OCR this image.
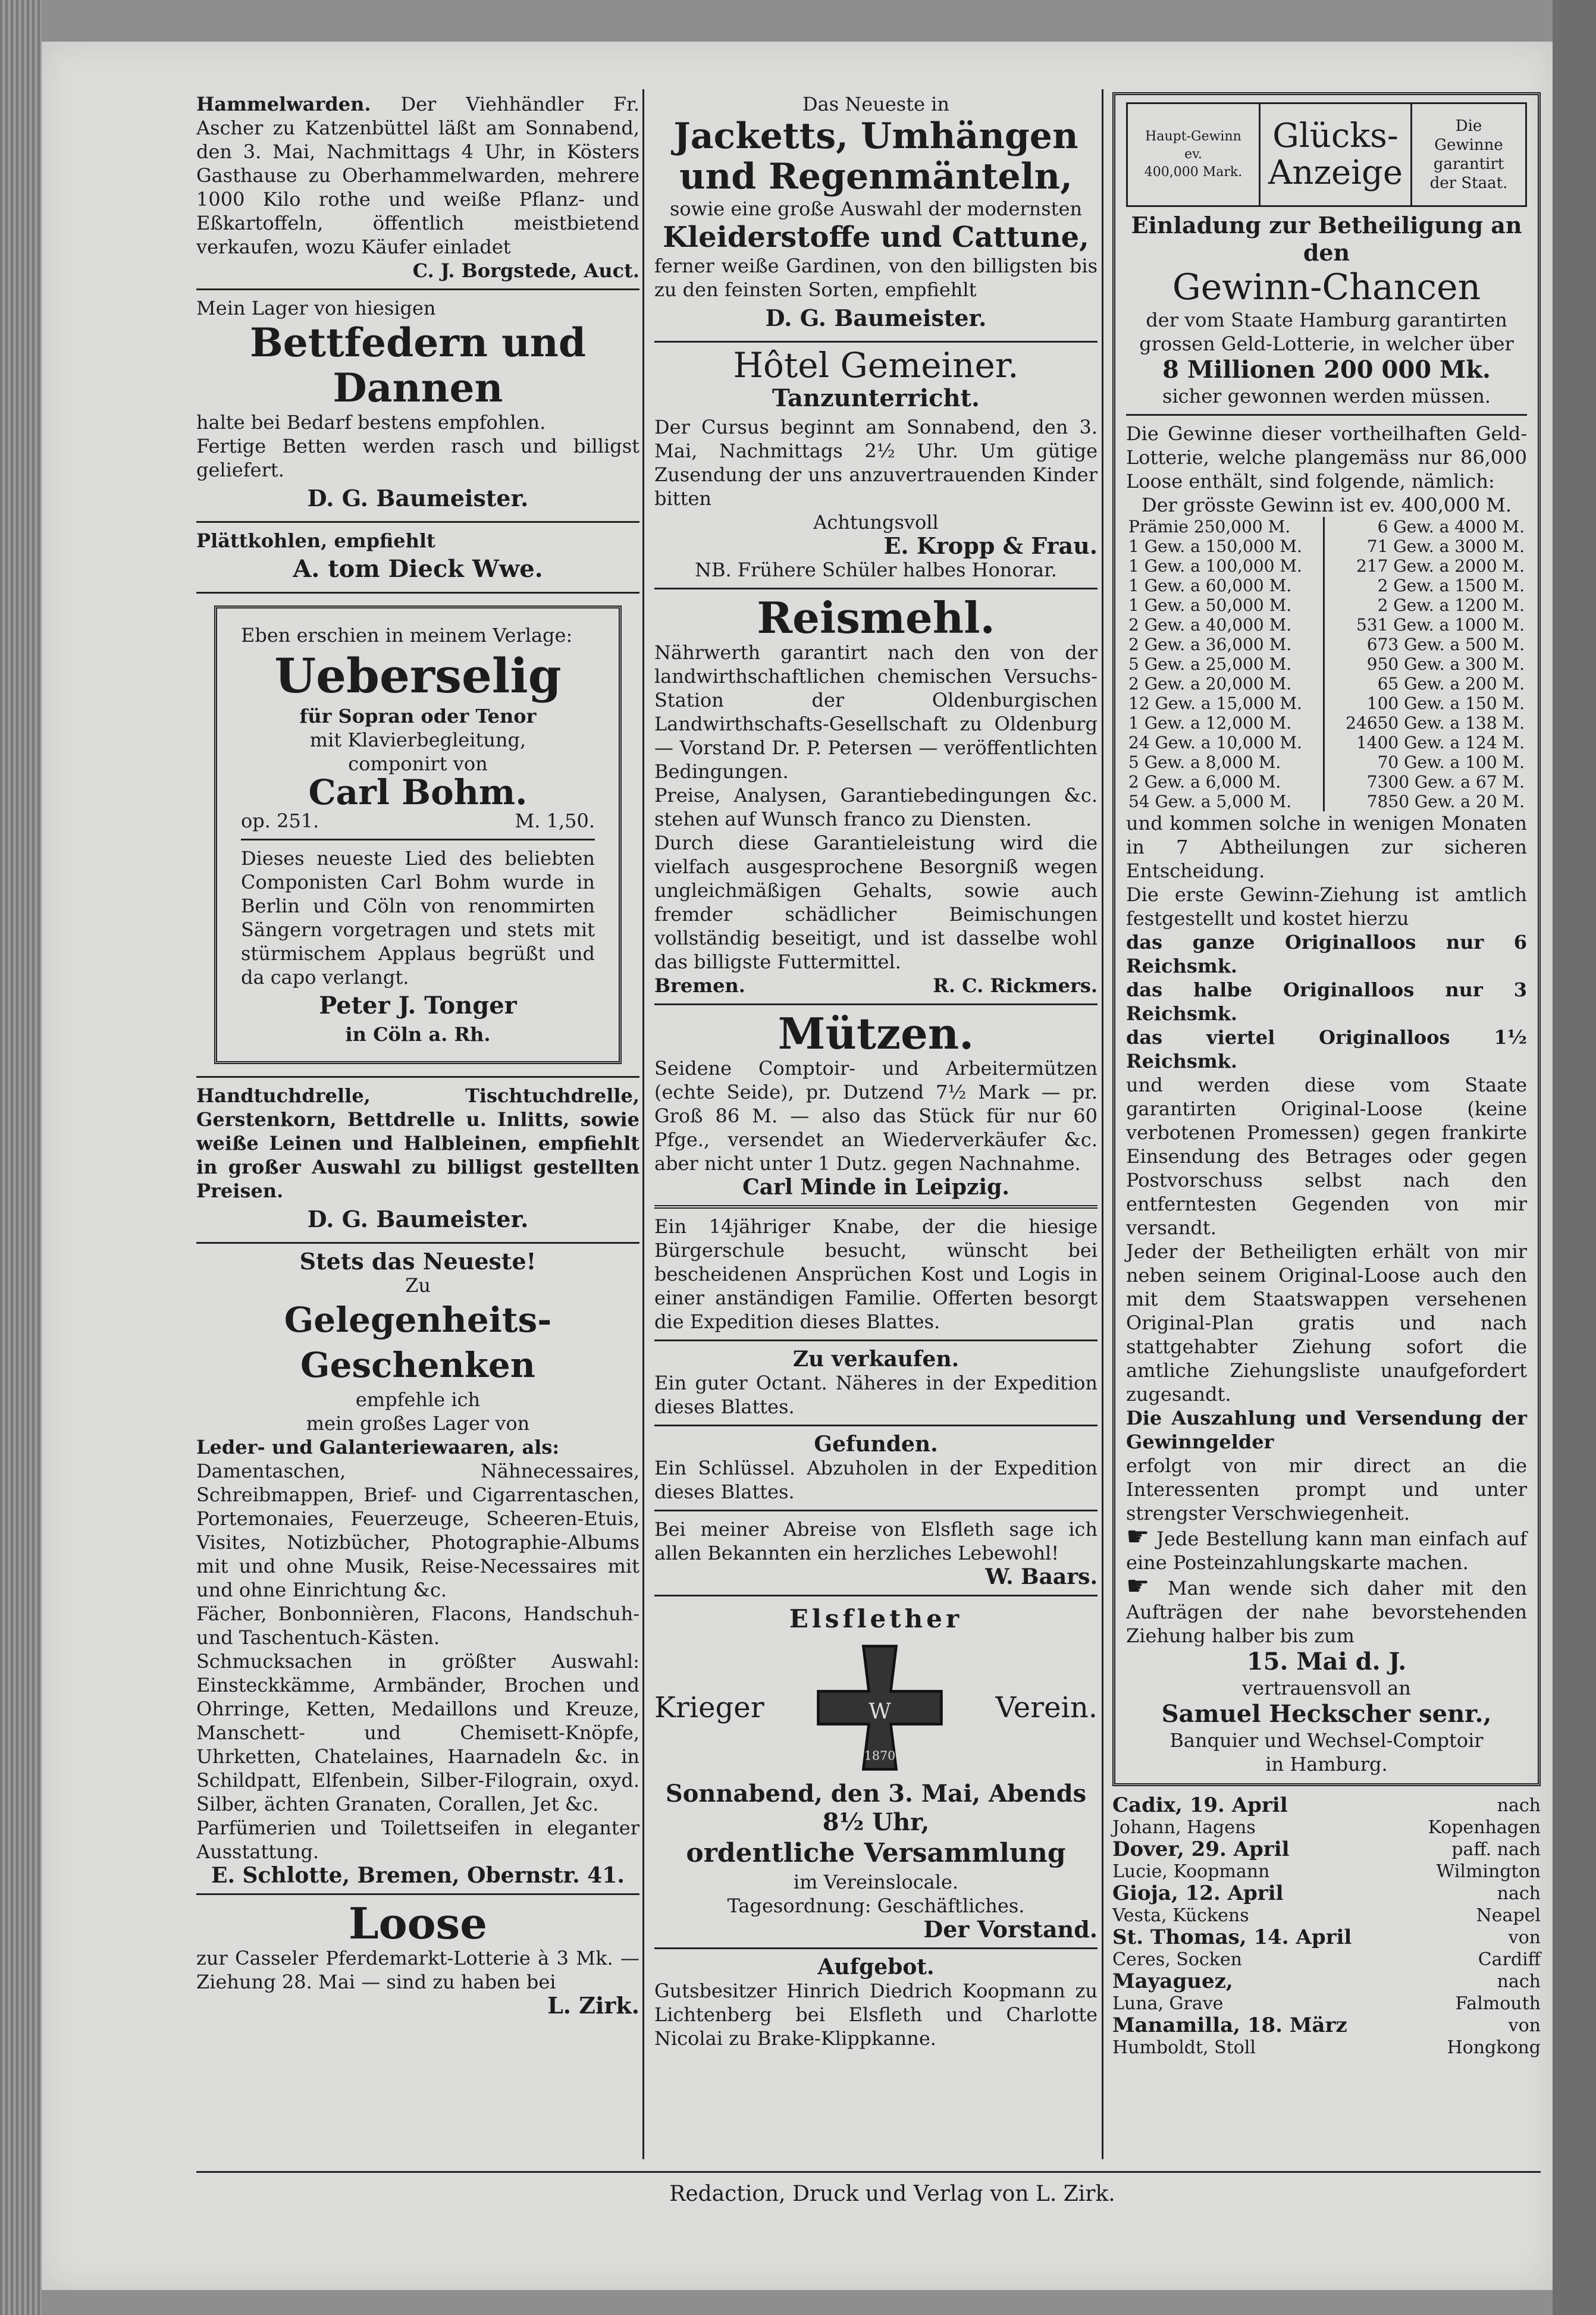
Hammelwarden. Der Viehhändler Fr. Ascher zu Katzenbüttel läßt am Sonnabend, den 3. Mai, Nachmittags 4 Uhr, in Kösters Gasthause zu Oberhammelwarden, mehrere 1000 Kilo rothe und weiße Pflanz- und Eßkartoffeln, öffentlich meistbietend verkaufen, wozu Käufer einladet

C. J. Borgstede, Auct.

Mein Lager von hiesigen

Bettfedern und Dannen

halte bei Bedarf bestens empfohlen.

Fertige Betten werden rasch und billigst geliefert.

D. G. Baumeister.

Plättkohlen, empfiehlt

A. tom Dieck Wwe.

Eben erschien in meinem Verlage:

Ueberselig

für Sopran oder Tenor

mit Klavierbegleitung,

componirt von

Carl Bohm.

op. 251.	M. 1,50.

Dieses neueste Lied des beliebten Componisten Carl Bohm wurde in Berlin und Cöln von renommirten Sängern vorgetragen und stets mit stürmischem Applaus begrüßt und da capo verlangt.

Peter J. Tonger

in Cöln a. Rh.

Handtuchdrelle, Tischtuchdrelle, Gerstenkorn, Bettdrelle u. Inlitts, sowie weiße Leinen und Halbleinen, empfiehlt in großer Auswahl zu billigst gestellten Preisen.

D. G. Baumeister.

Stets das Neueste!

Zu

Gelegenheits-Geschenken

empfehle ich

mein großes Lager von

Leder- und Galanteriewaaren, als:

Damentaschen, Nähnecessaires, Schreibmappen, Brief- und Cigarrentaschen, Portemonaies, Feuerzeuge, Scheeren-Etuis, Visites, Notizbücher, Photographie-Albums mit und ohne Musik, Reise-Necessaires mit und ohne Einrichtung &c.

Fächer, Bonbonnièren, Flacons, Handschuh- und Taschentuch-Kästen.

Schmucksachen in größter Auswahl: Einsteckkämme, Armbänder, Brochen und Ohrringe, Ketten, Medaillons und Kreuze, Manschett- und Chemisett-Knöpfe, Uhrketten, Chatelaines, Haarnadeln &c. in Schildpatt, Elfenbein, Silber-Filograin, oxyd. Silber, ächten Granaten, Corallen, Jet &c.

Parfümerien und Toilettseifen in eleganter Ausstattung.

E. Schlotte, Bremen, Obernstr. 41.

Loose

zur Casseler Pferdemarkt-Lotterie à 3 Mk. — Ziehung 28. Mai — sind zu haben bei

L. Zirk.

Das Neueste in

Jacketts, Umhängen

und Regenmänteln,

sowie eine große Auswahl der modernsten

Kleiderstoffe und Cattune,

ferner weiße Gardinen, von den billigsten bis zu den feinsten Sorten, empfiehlt

D. G. Baumeister.

Hôtel Gemeiner.

Tanzunterricht.

Der Cursus beginnt am Sonnabend, den 3. Mai, Nachmittags 2½ Uhr. Um gütige Zusendung der uns anzuvertrauenden Kinder bitten

Achtungsvoll

E. Kropp & Frau.

NB. Frühere Schüler halbes Honorar.

Reismehl.

Nährwerth garantirt nach den von der landwirthschaftlichen chemischen Versuchs-Station der Oldenburgischen Landwirthschafts-Gesellschaft zu Oldenburg — Vorstand Dr. P. Petersen — veröffentlichten Bedingungen.

Preise, Analysen, Garantiebedingungen &c. stehen auf Wunsch franco zu Diensten.

Durch diese Garantieleistung wird die vielfach ausgesprochene Besorgniß wegen ungleichmäßigen Gehalts, sowie auch fremder schädlicher Beimischungen vollständig beseitigt, und ist dasselbe wohl das billigste Futtermittel.

Bremen.	R. C. Rickmers.

Mützen.

Seidene Comptoir- und Arbeitermützen (echte Seide), pr. Dutzend 7½ Mark — pr. Groß 86 M. — also das Stück für nur 60 Pfge., versendet an Wiederverkäufer &c. aber nicht unter 1 Dutz. gegen Nachnahme.

Carl Minde in Leipzig.

Ein 14jähriger Knabe, der die hiesige Bürgerschule besucht, wünscht bei bescheidenen Ansprüchen Kost und Logis in einer anständigen Familie. Offerten besorgt die Expedition dieses Blattes.

Zu verkaufen.

Ein guter Octant. Näheres in der Expedition dieses Blattes.

Gefunden.

Ein Schlüssel. Abzuholen in der Expedition dieses Blattes.

Bei meiner Abreise von Elsfleth sage ich allen Bekannten ein herzliches Lebewohl!

W. Baars.

Elsflether

Krieger	W
1870
Verein.

Sonnabend, den 3. Mai, Abends 8½ Uhr,

ordentliche Versammlung

im Vereinslocale.

Tagesordnung: Geschäftliches.

Der Vorstand.

Aufgebot.

Gutsbesitzer Hinrich Diedrich Koopmann zu Lichtenberg bei Elsfleth und Charlotte Nicolai zu Brake-Klippkanne.

Haupt-Gewinn
ev.
400,000 Mark.
Glücks-
Anzeige
Die
Gewinne
garantirt
der Staat.

Einladung zur Betheiligung an den

Gewinn-Chancen

der vom Staate Hamburg garantirten grossen Geld-Lotterie, in welcher über

8 Millionen 200 000 Mk.

sicher gewonnen werden müssen.

Die Gewinne dieser vortheilhaften Geld-Lotterie, welche plangemäss nur 86,000 Loose enthält, sind folgende, nämlich:

Der grösste Gewinn ist ev. 400,000 M.

Prämie 250,000 M.	6 Gew. a 4000 M.
1 Gew. a 150,000 M.	71 Gew. a 3000 M.
1 Gew. a 100,000 M.	217 Gew. a 2000 M.
1 Gew. a 60,000 M.	2 Gew. a 1500 M.
1 Gew. a 50,000 M.	2 Gew. a 1200 M.
2 Gew. a 40,000 M.	531 Gew. a 1000 M.
2 Gew. a 36,000 M.	673 Gew. a 500 M.
5 Gew. a 25,000 M.	950 Gew. a 300 M.
2 Gew. a 20,000 M.	65 Gew. a 200 M.
12 Gew. a 15,000 M.	100 Gew. a 150 M.
1 Gew. a 12,000 M.	24650 Gew. a 138 M.
24 Gew. a 10,000 M.	1400 Gew. a 124 M.
5 Gew. a 8,000 M.	70 Gew. a 100 M.
2 Gew. a 6,000 M.	7300 Gew. a 67 M.
54 Gew. a 5,000 M.	7850 Gew. a 20 M.

und kommen solche in wenigen Monaten in 7 Abtheilungen zur sicheren Entscheidung.

Die erste Gewinn-Ziehung ist amtlich festgestellt und kostet hierzu

das ganze Originalloos nur 6 Reichsmk.

das halbe Originalloos nur 3 Reichsmk.

das viertel Originalloos 1½ Reichsmk.

und werden diese vom Staate garantirten Original-Loose (keine verbotenen Promessen) gegen frankirte Einsendung des Betrages oder gegen Postvorschuss selbst nach den entferntesten Gegenden von mir versandt.

Jeder der Betheiligten erhält von mir neben seinem Original-Loose auch den mit dem Staatswappen versehenen Original-Plan gratis und nach stattgehabter Ziehung sofort die amtliche Ziehungsliste unaufgefordert zugesandt.

Die Auszahlung und Versendung der Gewinngelder

erfolgt von mir direct an die Interessenten prompt und unter strengster Verschwiegenheit.

☛ Jede Bestellung kann man einfach auf eine Posteinzahlungskarte machen.

☛ Man wende sich daher mit den Aufträgen der nahe bevorstehenden Ziehung halber bis zum

15. Mai d. J.

vertrauensvoll an

Samuel Heckscher senr.,

Banquier und Wechsel-Comptoir

in Hamburg.

Cadix, 19. April	nach
Johann, Hagens	Kopenhagen
Dover, 29. April	paff. nach
Lucie, Koopmann	Wilmington
Gioja, 12. April	nach
Vesta, Kückens	Neapel
St. Thomas, 14. April	von
Ceres, Socken	Cardiff
Mayaguez,	nach
Luna, Grave	Falmouth
Manamilla, 18. März	von
Humboldt, Stoll	Hongkong
Redaction, Druck und Verlag von L. Zirk.
